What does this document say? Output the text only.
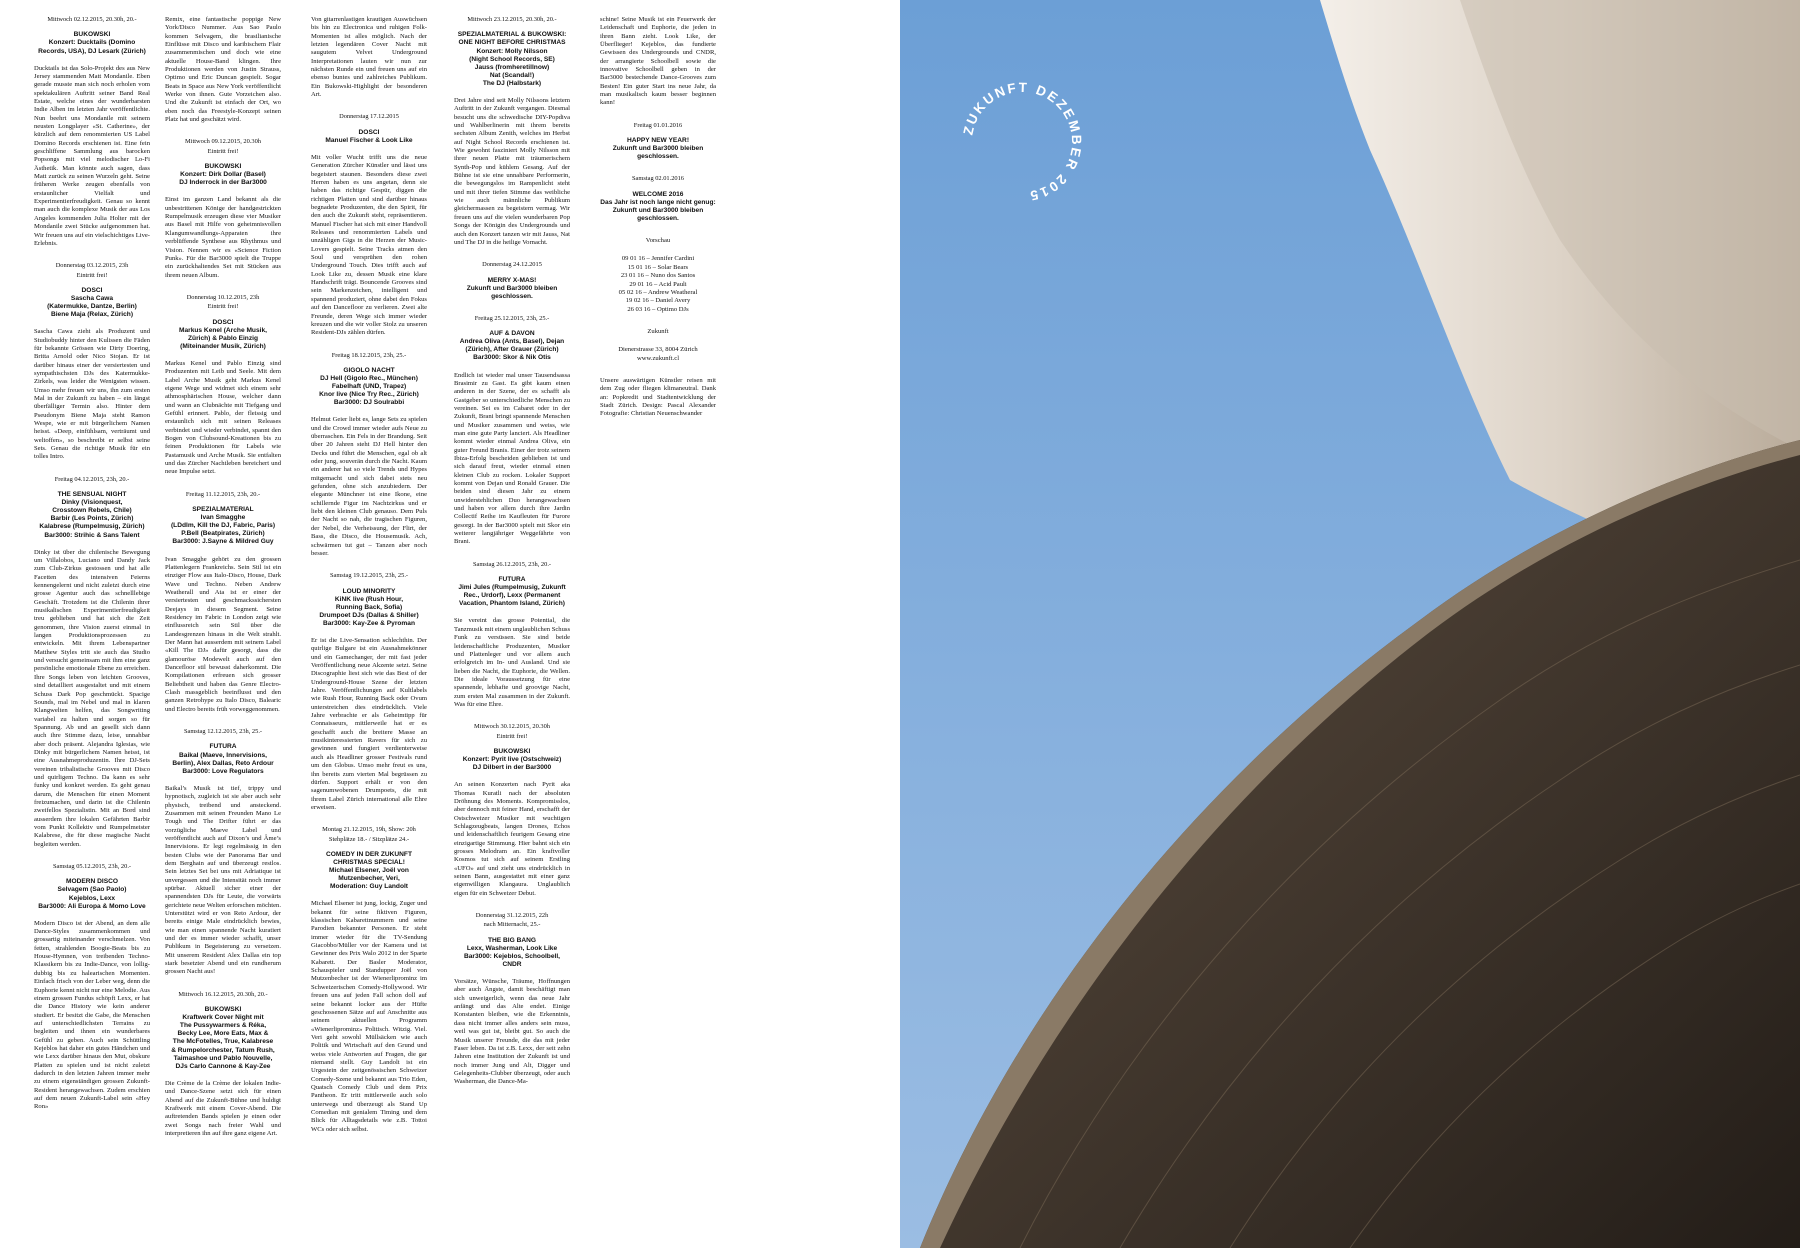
Mittwoch 02.12.2015, 20.30h, 20.-
BUKOWSKI
Konzert: Ducktails (Domino
Records, USA), DJ Lesark (Zürich)
Ducktails ist das Solo-Projekt des aus New Jersey stammenden Matt Mondanile. Eben gerade musste man sich noch erholen vom spektakulären Auftritt seiner Band Real Estate, welche eines der wunderbarsten Indie Alben im letzten Jahr veröffentlichte. Nun beehrt uns Mondanile mit seinem neusten Longplayer «St. Catherine», der kürzlich auf dem renommierten US Label Domino Records erschienen ist. Eine fein geschliffene Sammlung aus barocken Popsongs mit viel melodischer Lo-Fi Ästhetik. Man könnte auch sagen, dass Matt zurück zu seinen Wurzeln geht. Seine früheren Werke zeugen ebenfalls von erstaunlicher Vielfalt und Experimentierfreudigkeit. Genau so kennt man auch die komplexe Musik der aus Los Angeles kommenden Julia Holter mit der Mondanile zwei Stücke aufgenommen hat. Wir freuen uns auf ein vielschichtiges Live-Erlebnis.
Donnerstag 03.12.2015, 23h
Eintritt frei!
DOSCI
Sascha Cawa
(Katermukke, Dantze, Berlin)
Biene Maja (Relax, Zürich)
Sascha Cawa zieht als Produzent und Studiobuddy hinter den Kulissen die Fäden für bekannte Grössen wie Dirty Doering, Britta Arnold oder Nico Stojan. Er ist darüber hinaus einer der versiertesten und sympathischsten DJs des Katermukke-Zirkels, was leider die Wenigsten wissen. Umso mehr freuen wir uns, ihn zum ersten Mal in der Zukunft zu haben – ein längst überfälliger Termin also. Hinter dem Pseudonym Biene Maja steht Ramon Wespe, wie er mit bürgerlichem Namen heisst. «Deep, einfühlsam, verträumt und weltoffen», so beschreibt er selbst seine Sets. Genau die richtige Musik für ein tolles Intro.
Freitag 04.12.2015, 23h, 20.-
THE SENSUAL NIGHT
Dinky (Visionquest,
Crosstown Rebels, Chile)
Barbir (Les Points, Zürich)
Kalabrese (Rumpelmusig, Zürich)
Bar3000: Strihic & Sans Talent
Dinky ist über die chilenische Bewegung um Villalobos, Luciano und Dandy Jack zum Club-Zirkus gestossen und hat alle Facetten des intensiven Feierns kennengelernt und nicht zuletzt durch eine grosse Agentur auch das schnelllebige Geschäft. Trotzdem ist die Chilenin ihrer musikalischen Experimentierfreudigkeit treu geblieben und hat sich die Zeit genommen, ihre Vision zuerst einmal in langen Produktionsprozessen zu entwickeln. Mit ihrem Lebenspartner Matthew Styles tritt sie auch das Studio und versucht gemeinsam mit ihm eine ganz persönliche emotionale Ebene zu erreichen. Ihre Songs leben von leichten Grooves, sind detailliert ausgestaltet und mit einem Schuss Dark Pop geschmückt. Spacige Sounds, mal im Nebel und mal in klaren Klangwelten helfen, das Songwriting variabel zu halten und sorgen so für Spannung. Ab und an gesellt sich dann auch ihre Stimme dazu, leise, unnahbar aber doch präsent. Alejandra Iglesias, wie Dinky mit bürgerlichem Namen heisst, ist eine Ausnahmeproduzentin. Ihre DJ-Sets vereinen tribalistische Grooves mit Disco und quirligem Techno. Da kann es sehr funky und konkret werden. Es geht genau darum, die Menschen für einen Moment freizumachen, und darin ist die Chilenin zweifellos Spezialistin. Mit an Bord sind ausserdem ihre lokalen Gefährten Barbir vom Punkt Kollektiv und Rumpelmeister Kalabrese, die für diese magische Nacht begleiten werden.
Samstag 05.12.2015, 23h, 20.-
MODERN DISCO
Selvagem (Sao Paolo)
Kejeblos, Lexx
Bar3000: Ali Europa & Momo Love
Modern Disco ist der Abend, an dem alle Dance-Styles zusammenkommen und grossartig miteinander verschmelzen. Von fetten, strahlenden Boogie-Beats bis zu House-Hymnen, von treibenden Techno-Klassikern bis zu Indie-Dance, von lollig-dubbig bis zu halearischen Momenten. Einfach frisch von der Leber weg, denn die Euphorie kennt nicht nur eine Melodie. Aus einem grossen Fundus schöpft Lexx, er hat die Dance History wie kein anderer studiert. Er besitzt die Gabe, die Menschen auf unterschiedlichsten Terrains zu begleiten und ihnen ein wunderbares Gefühl zu geben. Auch sein Schüttling Kejeblos hat daher ein gutes Händchen und wie Lexx darüber hinaus den Mut, obskure Platten zu spielen und ist nicht zuletzt dadurch in den letzten Jahren immer mehr zu einem eigenständigen grossen Zukunft-Resident herangewachsen. Zudem erschien auf dem neuen Zukunft-Label sein «Hey Ron»
Remix, eine fantastische poppige New York/Disco Nummer. Aus Sao Paulo kommen Selvagem, die brasilianische Einflüsse mit Disco und karibischem Flair zusammenmischen und doch wie eine aktuelle House-Band klingen. Ihre Produktionen werden von Justin Strauss, Optimo und Eric Duncan gespielt. Sogar Beats in Space aus New York veröffentlicht Werke von ihnen. Gute Vorzeichen also. Und die Zukunft ist einfach der Ort, wo eben noch das Freestyle-Konzept seinen Platz hat und geschätzt wird.
Mittwoch 09.12.2015, 20.30h
Eintritt frei!
BUKOWSKI
Konzert: Dirk Dollar (Basel)
DJ Inderrock in der Bar3000
Einst im ganzen Land bekannt als die unbestrittenen Könige der handgestrickten Rumpelmusik erzeugen diese vier Musiker aus Basel mit Hilfe von geheimnisvollen Klangumwandlungs-Apparaten ihre verblüffende Synthese aus Rhythmus und Vision. Nennen wir es «Science Fiction Punk». Für die Bar3000 spielt die Truppe ein zurückhaltendes Set mit Stücken aus ihrem neuen Album.
Donnerstag 10.12.2015, 23h
Eintritt frei!
DOSCI
Markus Kenel (Arche Musik,
Zürich) & Pablo Einzig
(Miteinander Musik, Zürich)
Markus Kenel und Pablo Einzig sind Produzenten mit Leib und Seele. Mit dem Label Arche Musik geht Markus Kenel eigene Wege und widmet sich einem sehr athmosphärischen House, welcher dann und wann an Clubnächte mit Tiefgang und Gefühl erinnert. Pablo, der fleissig und erstaunlich sich mit seinen Releases verbindet und wieder verbindet, spannt den Bogen von Clubsound-Kreationen bis zu feinen Produktionen für Labels wie Pastamusik und Arche Musik. Sie entfalten und das Zürcher Nachtleben bereichert und neue Impulse setzt.
Freitag 11.12.2015, 23h, 20.-
SPEZIALMATERIAL
Ivan Smagghe
(LDdlm, Kill the DJ, Fabric, Paris)
P.Bell (Beatpirates, Zürich)
Bar3000: J.Sayne & Mildred Guy
Ivan Smagghe gehört zu den grossen Plattenlegern Frankreichs. Sein Stil ist ein einziger Flow aus Italo-Disco, House, Dark Wave und Techno. Neben Andrew Weatherall und Ata ist er einer der versiertesten und geschmackssichersten Deejays in diesem Segment. Seine Residency im Fabric in London zeigt wie einflussreich sein Stil über die Landesgrenzen hinaus in die Welt strahlt. Der Mann hat ausserdem mit seinem Label «Kill The DJ» dafür gesorgt, dass die glamouröse Modewelt auch auf den Dancefloor stil bewusst daherkommt. Die Kompilationen erfreuen sich grosser Beliebtheit und haben das Genre Electro-Clash massgeblich beeinflusst und den ganzen Retrohype zu Italo Disco, Balearic und Electro bereits früh vorweggenommen.
Samstag 12.12.2015, 23h, 25.-
FUTURA
Baikal (Maeve, Innervisions,
Berlin), Alex Dallas, Reto Ardour
Bar3000: Love Regulators
Baikal’s Musik ist tief, trippy und hypnotisch, zugleich ist sie aber auch sehr physisch, treibend und ansteckend. Zusammen mit seinen Freunden Mano Le Tough und The Drifter führt er das vorzügliche Maeve Label und veröffentlicht auch auf Dixon’s und Âme’s Innervisions. Er legt regelmässig in den besten Clubs wie der Panorama Bar und dem Berghain auf und überzeugt restlos. Sein letztes Set bei uns mit Adriatique ist unvergessen und die Intensität noch immer spürbar. Aktuell sicher einer der spannendsten DJs für Leute, die vorwärts gerichtete neue Welten erforschen möchten. Unterstützt wird er von Reto Ardour, der bereits einige Male eindrücklich bewies, wie man einen spannende Nacht kuratiert und der es immer wieder schafft, unser Publikum in Begeisterung zu versetzen. Mit unserem Resident Alex Dallas ein top stark besetzter Abend und ein rundherum grossen Nacht aus!
Mittwoch 16.12.2015, 20.30h, 20.-
BUKOWSKI
Kraftwerk Cover Night mit
The Pussywarmers & Réka,
Becky Lee, More Eats, Max &
The McFotelles, True, Kalabrese
& Rumpelorchester, Tatum Rush,
Taimashoe und Pablo Nouvelle,
DJs Carlo Cannone & Kay-Zee
Die Crème de la Crème der lokalen Indie- und Dance-Szene setzt sich für einen Abend auf die Zukunft-Bühne und huldigt Kraftwerk mit einem Cover-Abend. Die auftretenden Bands spielen je einen oder zwei Songs nach freier Wahl und interpretieren ihn auf ihre ganz eigene Art.
Von gitarrenlastigen krautigen Auswüchsen bis hin zu Electronica und ruhigen Folk-Momenten ist alles möglich. Nach der letzten legendären Cover Nacht mit saugutem Velvet Underground Interpretationen lauten wir nun zur nächsten Runde ein und freuen uns auf ein ebenso buntes und zahlreiches Publikum. Ein Bukowski-Highlight der besonderen Art.
Donnerstag 17.12.2015
DOSCI
Manuel Fischer & Look Like
Mit voller Wucht trifft uns die neue Generation Zürcher Künstler und lässt uns begeistert staunen. Besonders diese zwei Herren haben es uns angetan, denn sie haben das richtige Gespür, diggen die richtigen Platten und sind darüber hinaus begnadete Produzenten, die den Spirit, für den auch die Zukunft steht, repräsentieren. Manuel Fischer hat sich mit einer Handvoll Releases und renommierten Labels und unzähligen Gigs in die Herzen der Music-Lovers gespielt. Seine Tracks atmen den Soul und versprühen den rohen Underground Touch. Dies trifft auch auf Look Like zu, dessen Musik eine klare Handschrift trägt. Bouncende Grooves sind sein Markenzeichen, intelligent und spannend produziert, ohne dabei den Fokus auf den Dancefloor zu verlieren. Zwei alte Freunde, deren Wege sich immer wieder kreuzen und die wir voller Stolz zu unseren Resident-DJs zählen dürfen.
Freitag 18.12.2015, 23h, 25.-
GIGOLO NACHT
DJ Hell (Gigolo Rec., München)
Fabelhaft (UND, Trapez)
Knor live (Nice Try Rec., Zürich)
Bar3000: DJ Soulrabbi
Helmut Geier liebt es, lange Sets zu spielen und die Crowd immer wieder aufs Neue zu überraschen. Ein Fels in der Brandung. Seit über 20 Jahren steht DJ Hell hinter den Decks und führt die Menschen, egal ob alt oder jung, souverän durch die Nacht. Kaum ein anderer hat so viele Trends und Hypes mitgemacht und sich dabei stets neu gefunden, ohne sich anzubiedern. Der elegante Münchner ist eine Ikone, eine schillernde Figur im Nachtzirkus und er liebt den kleinen Club genauso. Dem Puls der Nacht so nah, die tragischen Figuren, der Nebel, die Verheissung, der Flirt, der Bass, die Disco, die Housemusik. Ach, schwärmen tut gut – Tanzen aber noch besser.
Samstag 19.12.2015, 23h, 25.-
LOUD MINORITY
KiNK live (Rush Hour,
Running Back, Sofia)
Drumpoet DJs (Dallas & Shiller)
Bar3000: Kay-Zee & Pyroman
Er ist die Live-Sensation schlechthin. Der quirlige Bulgare ist ein Ausnahmekönner und ein Gamechanger, der mit fast jeder Veröffentlichung neue Akzente setzt. Seine Discographie liest sich wie das Best of der Underground-House Szene der letzten Jahre. Veröffentlichungen auf Kultlabels wie Rush Hour, Running Back oder Ovum unterstreichen dies eindrücklich. Viele Jahre verbrachte er als Geheimtipp für Connaisseurs, mittlerweile hat er es geschafft auch die breitere Masse an musikinteressierten Ravers für sich zu gewinnen und fungiert verdienterweise auch als Headliner grosser Festivals rund um den Globus. Umso mehr freut es uns, ihn bereits zum vierten Mal begrüssen zu dürfen. Support erhält er von den sagenumwobenen Drumpoets, die mit ihrem Label Zürich international alle Ehre erweisen.
Montag 21.12.2015, 19h, Show: 20h
Stehplätze 18.- / Sitzplätze 24.-
COMEDY IN DER ZUKUNFT
CHRISTMAS SPECIAL!
Michael Elsener, Joël von
Mutzenbecher, Veri,
Moderation: Guy Landolt
Michael Elsener ist jung, lockig, Zuger und bekannt für seine fiktiven Figuren, klassischen Kabarettnummern und seine Parodien bekannter Personen. Er steht immer wieder für die TV-Sendung Giacobbo/Müller vor der Kamera und ist Gewinner des Prix Walo 2012 in der Sparte Kabarett. Der Basler Moderator, Schauspieler und Standupper Joël von Mutzenbecher ist der Wienerliprominz im Schweizerischen Comedy-Hollywood. Wir freuen uns auf jeden Fall schon doll auf seine bekannt locker aus der Hüfte geschossenen Sätze auf auf Anschnitte aus seinem aktuellen Programm «Wienerliprominz» Politisch. Witzig. Viel. Veri geht sowohl Müllsäcken wie auch Politik und Wirtschaft auf den Grund und weiss viele Antworten auf Fragen, die gar niemand stellt. Guy Landolt ist ein Urgestein der zeitgenössischen Schweizer Comedy-Szene und bekannt aus Trio Eden, Quatsch Comedy Club und dem Prix Pantheon. Er tritt mittlerweile auch solo unterwegs und überzeugt als Stand Up Comedian mit genialem Timing und dem Blick für Alltagsdetails wie z.B. Tottoi WCs oder sich selbst.
Mittwoch 23.12.2015, 20.30h, 20.-
SPEZIALMATERIAL & BUKOWSKI:
ONE NIGHT BEFORE CHRISTMAS
Konzert: Molly Nilsson
(Night School Records, SE)
Jauss (fromheretillnow)
Nat (Scandal!)
The DJ (Halbstark)
Drei Jahre sind seit Molly Nilssons letztem Auftritt in der Zukunft vergangen. Diesmal besucht uns die schwedische DIY-Popdiva und Wahlberlinerin mit ihrem bereits sechsten Album Zenith, welches im Herbst auf Night School Records erschienen ist. Wie gewohnt fasziniert Molly Nilsson mit ihrer neuen Platte mit träumerischem Synth-Pop und kühlem Gesang. Auf der Bühne ist sie eine unnahbare Performerin, die bewegungslos im Rampenlicht steht und mit ihrer tiefen Stimme das weibliche wie auch männliche Publikum gleichermassen zu begeistern vermag. Wir freuen uns auf die vielen wunderbaren Pop Songs der Königin des Undergrounds und auch den Konzert tanzen wir mit Jauss, Nat und The DJ in die heilige Vornacht.
Donnerstag 24.12.2015
MERRY X-MAS!
Zukunft und Bar3000 bleiben
geschlossen.
Freitag 25.12.2015, 23h, 25.-
AUF & DAVON
Andrea Oliva (Ants, Basel), Dejan
(Zürich), After Grauer (Zürich)
Bar3000: Skor & Nik Otis
Endlich ist wieder mal unser Tausendsassa Brasimir zu Gast. Es gibt kaum einen anderen in der Szene, der es schafft als Gastgeber so unterschiedliche Menschen zu vereinen. Sei es im Cabaret oder in der Zukunft, Brani bringt spannende Menschen und Musiker zusammen und weiss, wie man eine gute Party lanciert. Als Headliner kommt wieder einmal Andrea Oliva, ein guter Freund Branis. Einer der trotz seinem Ibiza-Erfolg bescheiden geblieben ist und sich darauf freut, wieder einmal einen kleinen Club zu rocken. Lokaler Support kommt von Dejan und Ronald Grauer. Die beiden sind diesen Jahr zu einem unwiderstehlichen Duo herangewachsen und haben vor allem durch ihre Jardin Collectif Reihe im Kaufleuten für Furore gesorgt. In der Bar3000 spielt mit Skor ein weiterer langjähriger Weggefährte von Brani.
Samstag 26.12.2015, 23h, 20.-
FUTURA
Jimi Jules (Rumpelmusig, Zukunft
Rec., Urdorf), Lexx (Permanent
Vacation, Phantom Island, Zürich)
Sie vereint das grosse Potential, die Tanzmusik mit einem unglaublichen Schuss Funk zu versüssen. Sie sind beide leidenschaftliche Produzenten, Musiker und Plattenleger und vor allem auch erfolgreich im In- und Ausland. Und sie lieben die Nacht, die Euphorie, die Wellen. Die ideale Voraussetzung für eine spannende, lebhafte und groovige Nacht, zum ersten Mal zusammen in der Zukunft. Was für eine Ehre.
Mittwoch 30.12.2015, 20.30h
Eintritt frei!
BUKOWSKI
Konzert: Pyrit live (Ostschweiz)
DJ Dilbert in der Bar3000
An seinen Konzerten nach Pyrit aka Thomas Kuratli nach der absoluten Dröhnung des Moments. Kompromisslos, aber dennoch mit feiner Hand, erschafft der Ostschweizer Musiker mit wuchtigen Schlagzeugbeats, langen Drones, Echos und leidenschaftlich feurigem Gesang eine einzigartige Stimmung. Hier bahnt sich ein grosses Melodram an. Ein kraftvoller Kosmos tut sich auf seinem Erstling «UFO» auf und zieht uns eindrücklich in seinen Bann, ausgestattet mit einer ganz eigenwilligen Klangaura. Unglaublich eigen für ein Schweizer Debut.
Donnerstag 31.12.2015, 22h
nach Mitternacht, 25.-
THE BIG BANG
Lexx, Washerman, Look Like
Bar3000: Kejeblos, Schoolbell,
CNDR
Vorsätze, Wünsche, Träume, Hoffnungen aber auch Ängste, damit beschäftigt man sich unweigerlich, wenn das neue Jahr anfängt und das Alte endet. Einige Konstanten bleiben, wie die Erkenntnis, dass nicht immer alles anders sein muss, weil was gut ist, bleibt gut. So auch die Musik unserer Freunde, die das mit jeder Faser leben. Da ist z.B. Lexx, der seit zehn Jahren eine Institution der Zukunft ist und noch immer Jung und Alt, Digger und Gelegenheits-Clubber überzeugt, oder auch Washerman, die Dance-Ma-
schine! Seine Musik ist ein Feuerwerk der Leidenschaft und Euphorie, die jeden in ihren Bann zieht. Look Like, der Überflieger! Kejeblos, das fundierte Gewissen des Undergrounds und CNDR, der arrangierte Schoolbell sowie die innovative Schoolbell geben in der Bar3000 bestechende Dance-Grooves zum Besten! Ein guter Start ins neue Jahr, da man musikalisch kaum besser beginnen kann!
Freitag 01.01.2016
HAPPY NEW YEAR!
Zukunft und Bar3000 bleiben
geschlossen.
Samstag 02.01.2016
WELCOME 2016
Das Jahr ist noch lange nicht genug:
Zukunft und Bar3000 bleiben
geschlossen.
Vorschau
09 01 16 – Jennifer Cardini
15 01 16 – Solar Bears
23 01 16 – Nuno dos Santos
29 01 16 – Acid Pauli
05 02 16 – Andrew Weatheral
19 02 16 – Daniel Avery
26 03 16 – Optimo DJs
Zukunft
Dienerstrasse 33, 8004 Zürich
www.zukunft.cl
Unsere auswärtigen Künstler reisen mit dem Zug oder fliegen klimaneutral. Dank an: Popkredit und Stadtentwicklung der Stadt Zürich. Design: Pascal Alexander Fotografie: Christian Neuenschwander
ZUKUNFT DEZEMBER 2015
